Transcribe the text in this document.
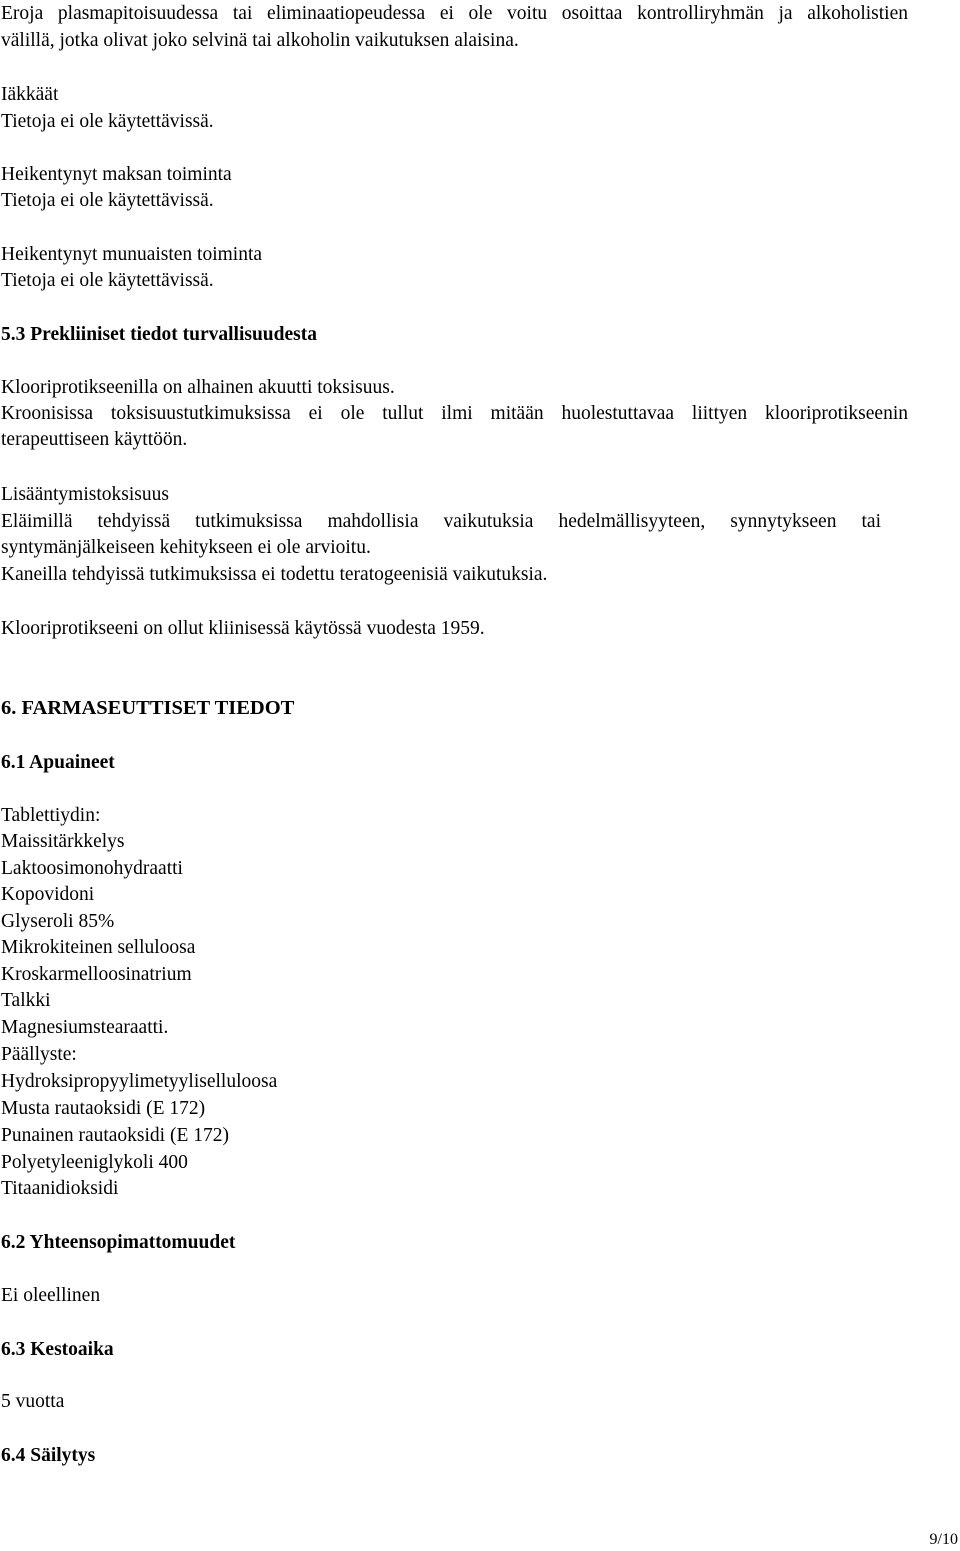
Eroja plasmapitoisuudessa tai eliminaatiopeudessa ei ole voitu osoittaa kontrolliryhmän ja alkoholistien
välillä, jotka olivat joko selvinä tai alkoholin vaikutuksen alaisina.
Iäkkäät
Tietoja ei ole käytettävissä.
Heikentynyt maksan toiminta
Tietoja ei ole käytettävissä.
Heikentynyt munuaisten toiminta
Tietoja ei ole käytettävissä.
5.3 Prekliiniset tiedot turvallisuudesta
Klooriprotikseenilla on alhainen akuutti toksisuus.
Kroonisissa toksisuustutkimuksissa ei ole tullut ilmi mitään huolestuttavaa liittyen klooriprotikseenin
terapeuttiseen käyttöön.
Lisääntymistoksisuus
Eläimillä tehdyissä tutkimuksissa mahdollisia vaikutuksia hedelmällisyyteen, synnytykseen tai
syntymänjälkeiseen kehitykseen ei ole arvioitu.
Kaneilla tehdyissä tutkimuksissa ei todettu teratogeenisiä vaikutuksia.
Klooriprotikseeni on ollut kliinisessä käytössä vuodesta 1959.
6. FARMASEUTTISET TIEDOT
6.1 Apuaineet
Tablettiydin:
Maissitärkkelys
Laktoosimonohydraatti
Kopovidoni
Glyseroli 85%
Mikrokiteinen selluloosa
Kroskarmelloosinatrium
Talkki
Magnesiumstearaatti.
Päällyste:
Hydroksipropyylimetyyliselluloosa
Musta rautaoksidi (E 172)
Punainen rautaoksidi (E 172)
Polyetyleeniglykoli 400
Titaanidioksidi
6.2 Yhteensopimattomuudet
Ei oleellinen
6.3 Kestoaika
5 vuotta
6.4 Säilytys
9/10
